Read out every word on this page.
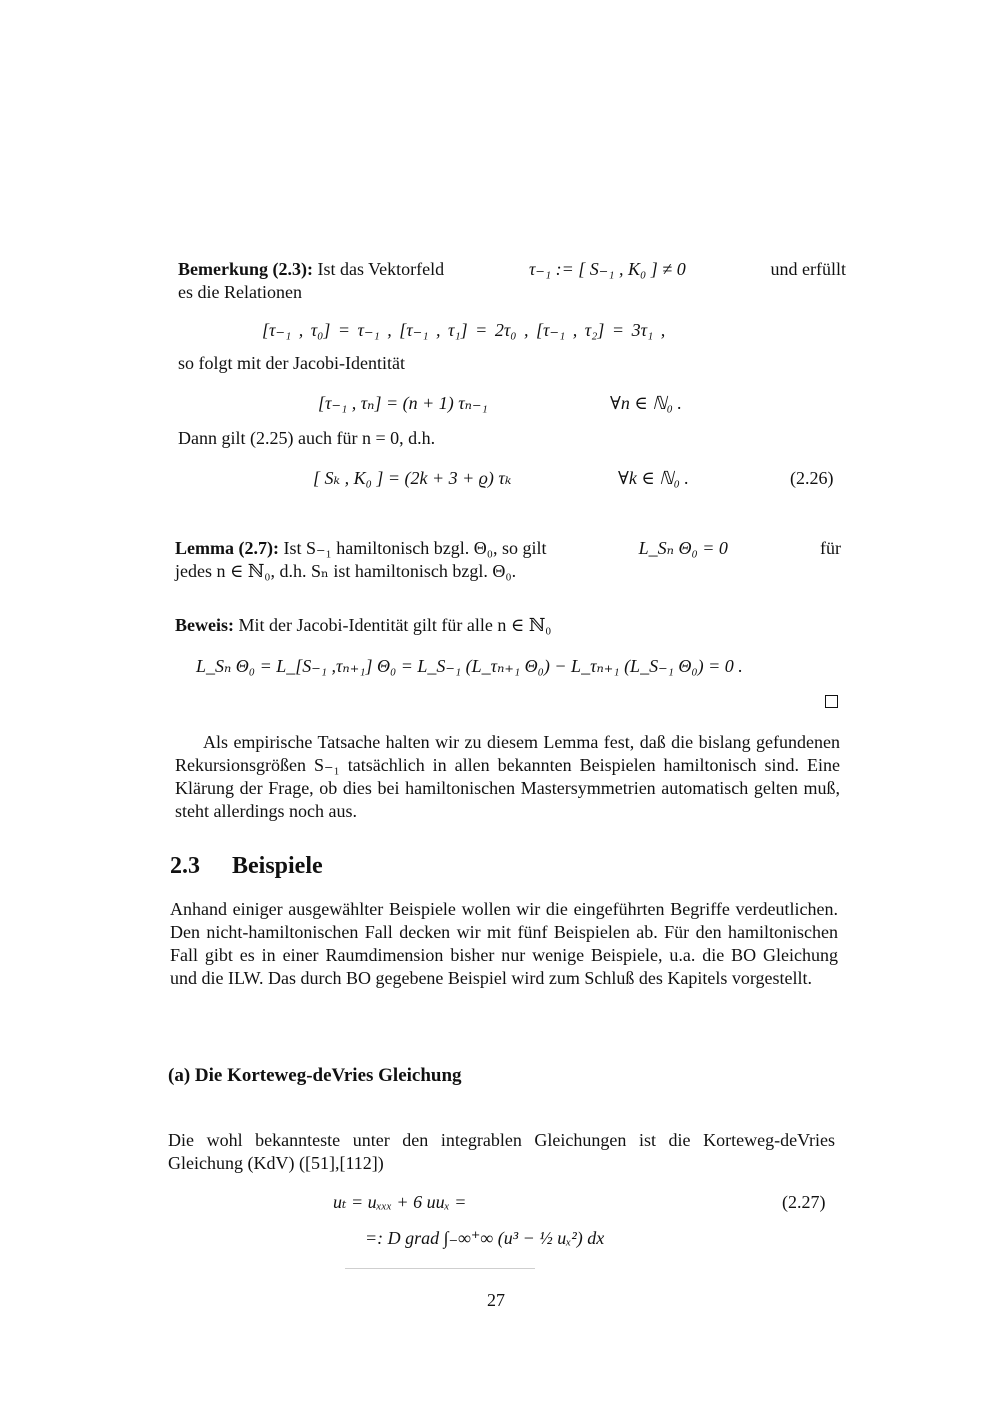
Bemerkung (2.3): Ist das Vektorfeld	τ₋₁ := [ S₋₁ , K₀ ] ≠ 0	und erfüllt
es die Relationen
[τ₋₁ , τ₀] = τ₋₁ , [τ₋₁ , τ₁] = 2τ₀ , [τ₋₁ , τ₂] = 3τ₁ ,
so folgt mit der Jacobi-Identität
[τ₋₁ , τₙ] = (n + 1) τₙ₋₁	∀n ∈ ℕ₀ .
Dann gilt (2.25) auch für n = 0, d.h.
[ Sₖ , K₀ ] = (2k + 3 + ϱ) τₖ	∀k ∈ ℕ₀ .	(2.26)
Lemma (2.7): Ist S₋₁ hamiltonisch bzgl. Θ₀, so gilt	L_Sₙ Θ₀ = 0	für
jedes n ∈ ℕ₀, d.h. Sₙ ist hamiltonisch bzgl. Θ₀.
Beweis: Mit der Jacobi-Identität gilt für alle n ∈ ℕ₀
L_Sₙ Θ₀ = L_[S₋₁ ,τₙ₊₁] Θ₀ = L_S₋₁ (L_τₙ₊₁ Θ₀) − L_τₙ₊₁ (L_S₋₁ Θ₀) = 0 .
Als empirische Tatsache halten wir zu diesem Lemma fest, daß die bislang gefundenen Rekursionsgrößen S₋₁ tatsächlich in allen bekannten Beispielen hamiltonisch sind. Eine Klärung der Frage, ob dies bei hamiltonischen Mastersymmetrien automatisch gelten muß, steht allerdings noch aus.
2.3 Beispiele
Anhand einiger ausgewählter Beispiele wollen wir die eingeführten Begriffe verdeutlichen. Den nicht-hamiltonischen Fall decken wir mit fünf Beispielen ab. Für den hamiltonischen Fall gibt es in einer Raumdimension bisher nur wenige Beispiele, u.a. die BO Gleichung und die ILW. Das durch BO gegebene Beispiel wird zum Schluß des Kapitels vorgestellt.
(a) Die Korteweg-deVries Gleichung
Die wohl bekannteste unter den integrablen Gleichungen ist die Korteweg-deVries Gleichung (KdV) ([51],[112])
uₜ = uₓₓₓ + 6 uuₓ =
=: D grad ∫₋∞⁺∞ (u³ − ½ uₓ²) dx
(2.27)
27
